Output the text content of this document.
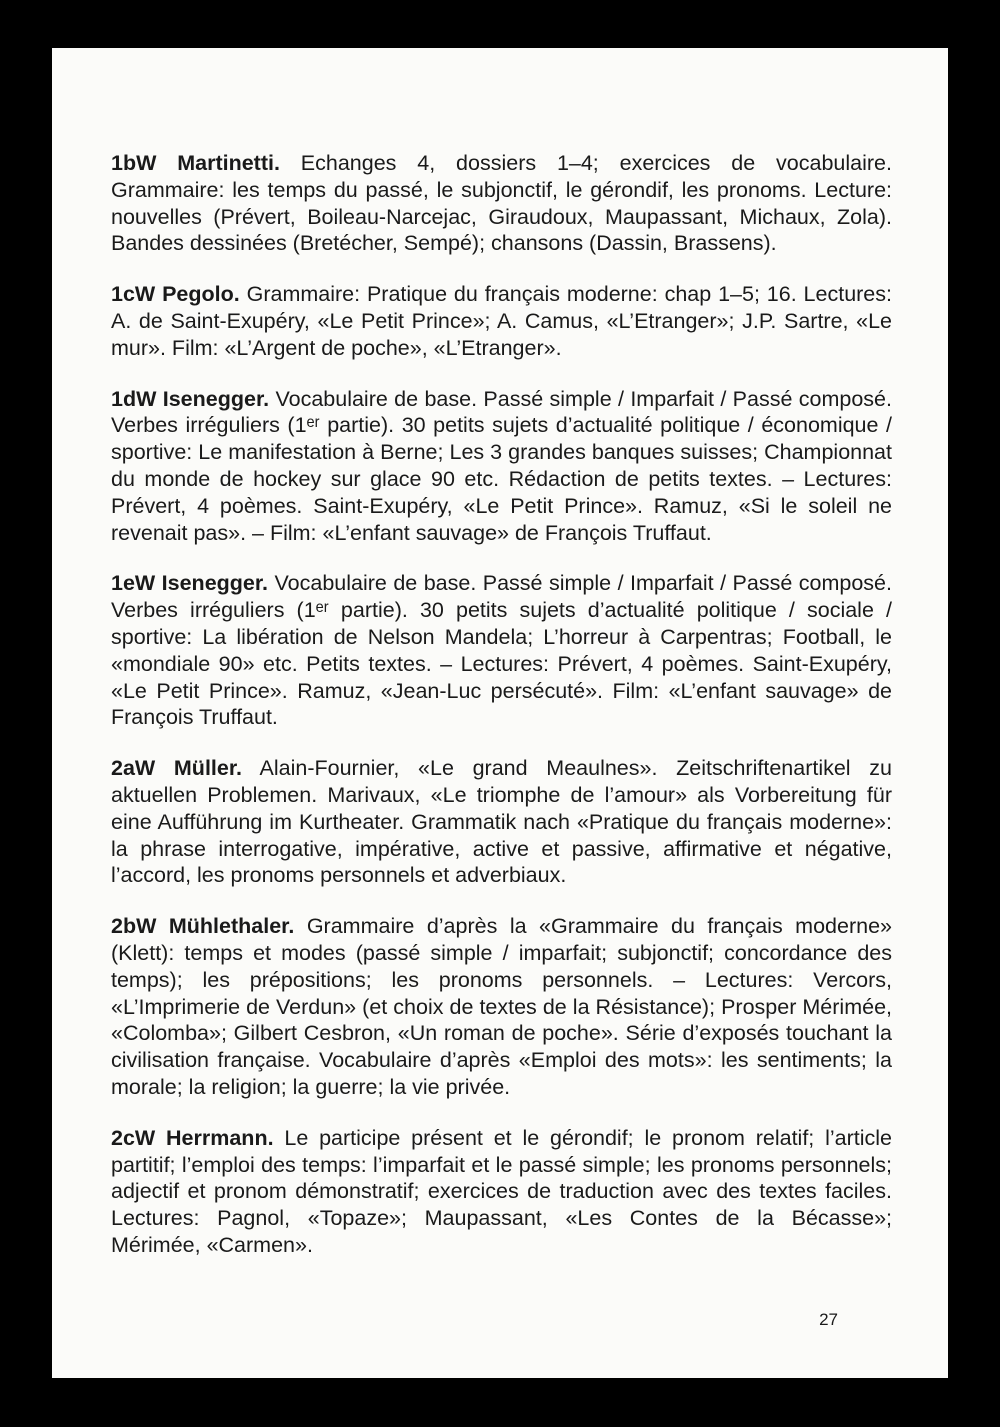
1bW Martinetti. Echanges 4, dossiers 1–4; exercices de vocabulaire. Grammaire: les temps du passé, le subjonctif, le gérondif, les pronoms. Lecture: nouvelles (Prévert, Boileau-Narcejac, Giraudoux, Maupassant, Michaux, Zola). Bandes dessinées (Bretécher, Sempé); chansons (Dassin, Brassens).

1cW Pegolo. Grammaire: Pratique du français moderne: chap 1–5; 16. Lectures: A. de Saint-Exupéry, «Le Petit Prince»; A. Camus, «L’Etranger»; J.P. Sartre, «Le mur». Film: «L’Argent de poche», «L’Etranger».

1dW Isenegger. Vocabulaire de base. Passé simple / Imparfait / Passé composé. Verbes irréguliers (1ᵉʳ partie). 30 petits sujets d’actualité politique / économique / sportive: Le manifestation à Berne; Les 3 grandes banques suisses; Championnat du monde de hockey sur glace 90 etc. Rédaction de petits textes. – Lectures: Prévert, 4 poèmes. Saint-Exupéry, «Le Petit Prince». Ramuz, «Si le soleil ne revenait pas». – Film: «L’enfant sauvage» de François Truffaut.

1eW Isenegger. Vocabulaire de base. Passé simple / Imparfait / Passé composé. Verbes irréguliers (1ᵉʳ partie). 30 petits sujets d’actualité politique / sociale / sportive: La libération de Nelson Mandela; L’horreur à Carpentras; Football, le «mondiale 90» etc. Petits textes. – Lectures: Prévert, 4 poèmes. Saint-Exupéry, «Le Petit Prince». Ramuz, «Jean-Luc persécuté». Film: «L’enfant sauvage» de François Truffaut.

2aW Müller. Alain-Fournier, «Le grand Meaulnes». Zeitschriftenartikel zu aktuellen Problemen. Marivaux, «Le triomphe de l’amour» als Vorbereitung für eine Aufführung im Kurtheater. Grammatik nach «Pratique du français moderne»: la phrase interrogative, impérative, active et passive, affirmative et négative, l’accord, les pronoms personnels et adverbiaux.

2bW Mühlethaler. Grammaire d’après la «Grammaire du français moderne» (Klett): temps et modes (passé simple / imparfait; subjonctif; concordance des temps); les prépositions; les pronoms personnels. – Lectures: Vercors, «L’Imprimerie de Verdun» (et choix de textes de la Résistance); Prosper Mérimée, «Colomba»; Gilbert Cesbron, «Un roman de poche». Série d’exposés touchant la civilisation française. Vocabulaire d’après «Emploi des mots»: les sentiments; la morale; la religion; la guerre; la vie privée.

2cW Herrmann. Le participe présent et le gérondif; le pronom relatif; l’article partitif; l’emploi des temps: l’imparfait et le passé simple; les pronoms personnels; adjectif et pronom démonstratif; exercices de traduction avec des textes faciles. Lectures: Pagnol, «Topaze»; Maupassant, «Les Contes de la Bécasse»; Mérimée, «Carmen».

27
